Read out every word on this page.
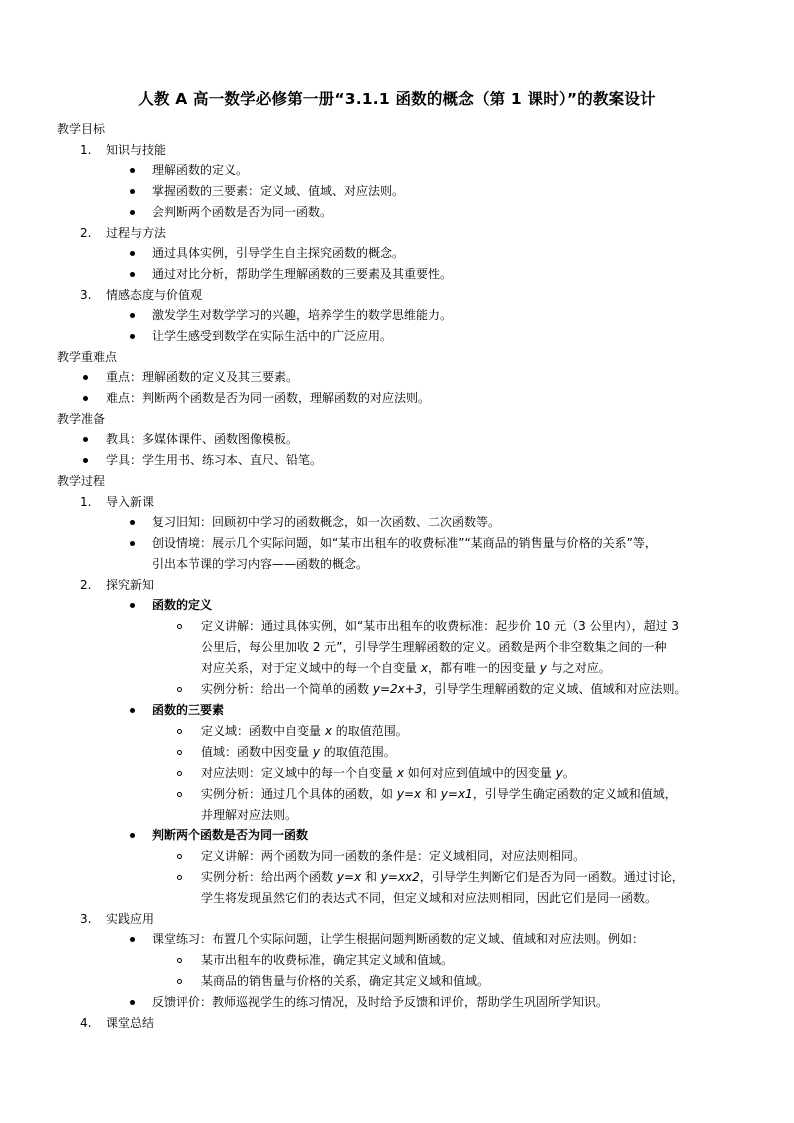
人教 A 高一数学必修第一册“3.1.1 函数的概念（第 1 课时）”的教案设计
教学目标
1. 知识与技能
理解函数的定义。
掌握函数的三要素：定义域、值域、对应法则。
会判断两个函数是否为同一函数。
2. 过程与方法
通过具体实例，引导学生自主探究函数的概念。
通过对比分析，帮助学生理解函数的三要素及其重要性。
3. 情感态度与价值观
激发学生对数学学习的兴趣，培养学生的数学思维能力。
让学生感受到数学在实际生活中的广泛应用。
教学重难点
重点：理解函数的定义及其三要素。
难点：判断两个函数是否为同一函数，理解函数的对应法则。
教学准备
教具：多媒体课件、函数图像模板。
学具：学生用书、练习本、直尺、铅笔。
教学过程
1. 导入新课
复习旧知：回顾初中学习的函数概念，如一次函数、二次函数等。
创设情境：展示几个实际问题，如“某市出租车的收费标准”“某商品的销售量与价格的关系”等，
引出本节课的学习内容——函数的概念。
2. 探究新知
函数的定义
定义讲解：通过具体实例，如“某市出租车的收费标准：起步价 10 元（3 公里内），超过 3
公里后，每公里加收 2 元”，引导学生理解函数的定义。函数是两个非空数集之间的一种
对应关系，对于定义域中的每一个自变量 x，都有唯一的因变量 y 与之对应。
实例分析：给出一个简单的函数 y=2x+3，引导学生理解函数的定义域、值域和对应法则。
函数的三要素
定义域：函数中自变量 x 的取值范围。
值域：函数中因变量 y 的取值范围。
对应法则：定义域中的每一个自变量 x 如何对应到值域中的因变量 y。
实例分析：通过几个具体的函数，如 y=x 和 y=x1，引导学生确定函数的定义域和值域，
并理解对应法则。
判断两个函数是否为同一函数
定义讲解：两个函数为同一函数的条件是：定义域相同，对应法则相同。
实例分析：给出两个函数 y=x 和 y=xx2，引导学生判断它们是否为同一函数。通过讨论，
学生将发现虽然它们的表达式不同，但定义域和对应法则相同，因此它们是同一函数。
3. 实践应用
课堂练习：布置几个实际问题，让学生根据问题判断函数的定义域、值域和对应法则。例如：
某市出租车的收费标准，确定其定义域和值域。
某商品的销售量与价格的关系，确定其定义域和值域。
反馈评价：教师巡视学生的练习情况，及时给予反馈和评价，帮助学生巩固所学知识。
4. 课堂总结
